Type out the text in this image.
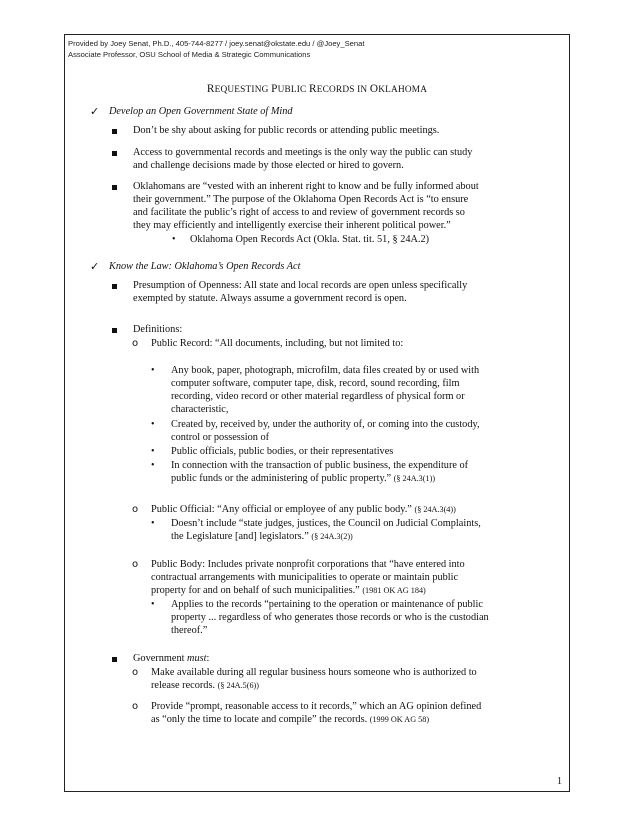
Provided by Joey Senat, Ph.D., 405-744-8277 / joey.senat@okstate.edu / @Joey_Senat
Associate Professor, OSU School of Media & Strategic Communications
REQUESTING PUBLIC RECORDS IN OKLAHOMA
✓ Develop an Open Government State of Mind
Don’t be shy about asking for public records or attending public meetings.
Access to governmental records and meetings is the only way the public can study
and challenge decisions made by those elected or hired to govern.
Oklahomans are “vested with an inherent right to know and be fully informed about
their government.” The purpose of the Oklahoma Open Records Act is “to ensure
and facilitate the public’s right of access to and review of government records so
they may efficiently and intelligently exercise their inherent political power.”
• Oklahoma Open Records Act (Okla. Stat. tit. 51, § 24A.2)
✓ Know the Law: Oklahoma’s Open Records Act
Presumption of Openness: All state and local records are open unless specifically
exempted by statute. Always assume a government record is open.
Definitions:
o Public Record: “All documents, including, but not limited to:
• Any book, paper, photograph, microfilm, data files created by or used with
computer software, computer tape, disk, record, sound recording, film
recording, video record or other material regardless of physical form or
characteristic,
• Created by, received by, under the authority of, or coming into the custody,
control or possession of
• Public officials, public bodies, or their representatives
• In connection with the transaction of public business, the expenditure of
public funds or the administering of public property.” (§ 24A.3(1))
o Public Official: “Any official or employee of any public body.” (§ 24A.3(4))
• Doesn’t include “state judges, justices, the Council on Judicial Complaints,
the Legislature [and] legislators.” (§ 24A.3(2))
o Public Body: Includes private nonprofit corporations that “have entered into
contractual arrangements with municipalities to operate or maintain public
property for and on behalf of such municipalities.” (1981 OK AG 184)
• Applies to the records “pertaining to the operation or maintenance of public
property ... regardless of who generates those records or who is the custodian
thereof.”
Government must:
o Make available during all regular business hours someone who is authorized to
release records. (§ 24A.5(6))
o Provide “prompt, reasonable access to it records,” which an AG opinion defined
as “only the time to locate and compile” the records. (1999 OK AG 58)
1
